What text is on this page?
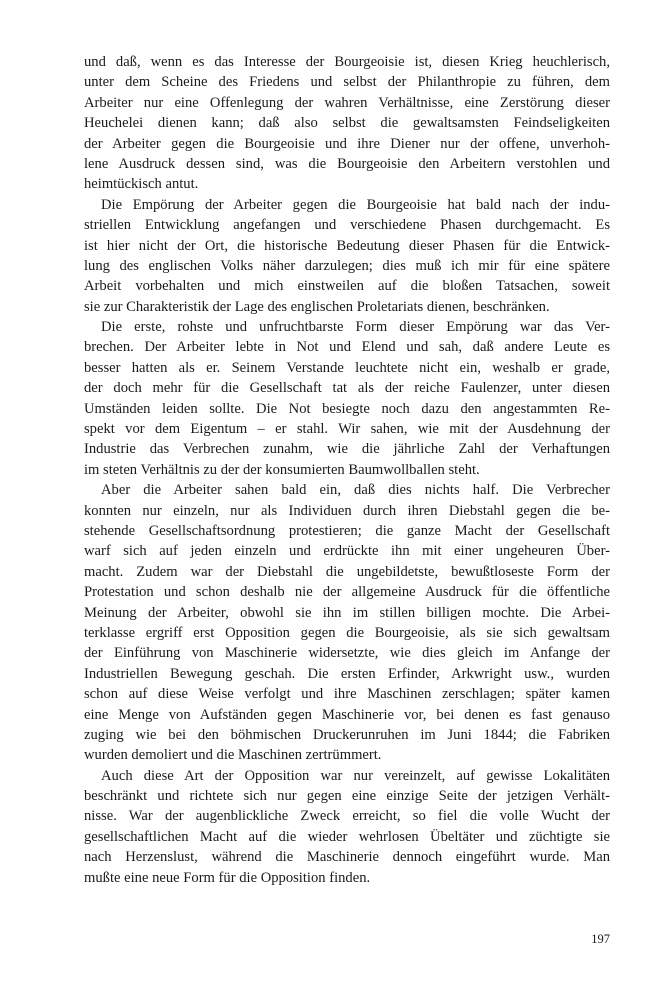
und daß, wenn es das Interesse der Bourgeoisie ist, diesen Krieg heuchlerisch,
unter dem Scheine des Friedens und selbst der Philanthropie zu führen, dem
Arbeiter nur eine Offenlegung der wahren Verhältnisse, eine Zerstörung dieser
Heuchelei dienen kann; daß also selbst die gewaltsamsten Feindseligkeiten
der Arbeiter gegen die Bourgeoisie und ihre Diener nur der offene, unverhoh-
lene Ausdruck dessen sind, was die Bourgeoisie den Arbeitern verstohlen und
heimtückisch antut.
Die Empörung der Arbeiter gegen die Bourgeoisie hat bald nach der indu-
striellen Entwicklung angefangen und verschiedene Phasen durchgemacht. Es
ist hier nicht der Ort, die historische Bedeutung dieser Phasen für die Entwick-
lung des englischen Volks näher darzulegen; dies muß ich mir für eine spätere
Arbeit vorbehalten und mich einstweilen auf die bloßen Tatsachen, soweit
sie zur Charakteristik der Lage des englischen Proletariats dienen, beschränken.
Die erste, rohste und unfruchtbarste Form dieser Empörung war das Ver-
brechen. Der Arbeiter lebte in Not und Elend und sah, daß andere Leute es
besser hatten als er. Seinem Verstande leuchtete nicht ein, weshalb er grade,
der doch mehr für die Gesellschaft tat als der reiche Faulenzer, unter diesen
Umständen leiden sollte. Die Not besiegte noch dazu den angestammten Re-
spekt vor dem Eigentum – er stahl. Wir sahen, wie mit der Ausdehnung der
Industrie das Verbrechen zunahm, wie die jährliche Zahl der Verhaftungen
im steten Verhältnis zu der der konsumierten Baumwollballen steht.
Aber die Arbeiter sahen bald ein, daß dies nichts half. Die Verbrecher
konnten nur einzeln, nur als Individuen durch ihren Diebstahl gegen die be-
stehende Gesellschaftsordnung protestieren; die ganze Macht der Gesellschaft
warf sich auf jeden einzeln und erdrückte ihn mit einer ungeheuren Über-
macht. Zudem war der Diebstahl die ungebildetste, bewußtloseste Form der
Protestation und schon deshalb nie der allgemeine Ausdruck für die öffentliche
Meinung der Arbeiter, obwohl sie ihn im stillen billigen mochte. Die Arbei-
terklasse ergriff erst Opposition gegen die Bourgeoisie, als sie sich gewaltsam
der Einführung von Maschinerie widersetzte, wie dies gleich im Anfange der
Industriellen Bewegung geschah. Die ersten Erfinder, Arkwright usw., wurden
schon auf diese Weise verfolgt und ihre Maschinen zerschlagen; später kamen
eine Menge von Aufständen gegen Maschinerie vor, bei denen es fast genauso
zuging wie bei den böhmischen Druckerunruhen im Juni 1844; die Fabriken
wurden demoliert und die Maschinen zertrümmert.
Auch diese Art der Opposition war nur vereinzelt, auf gewisse Lokalitäten
beschränkt und richtete sich nur gegen eine einzige Seite der jetzigen Verhält-
nisse. War der augenblickliche Zweck erreicht, so fiel die volle Wucht der
gesellschaftlichen Macht auf die wieder wehrlosen Übeltäter und züchtigte sie
nach Herzenslust, während die Maschinerie dennoch eingeführt wurde. Man
mußte eine neue Form für die Opposition finden.
197
